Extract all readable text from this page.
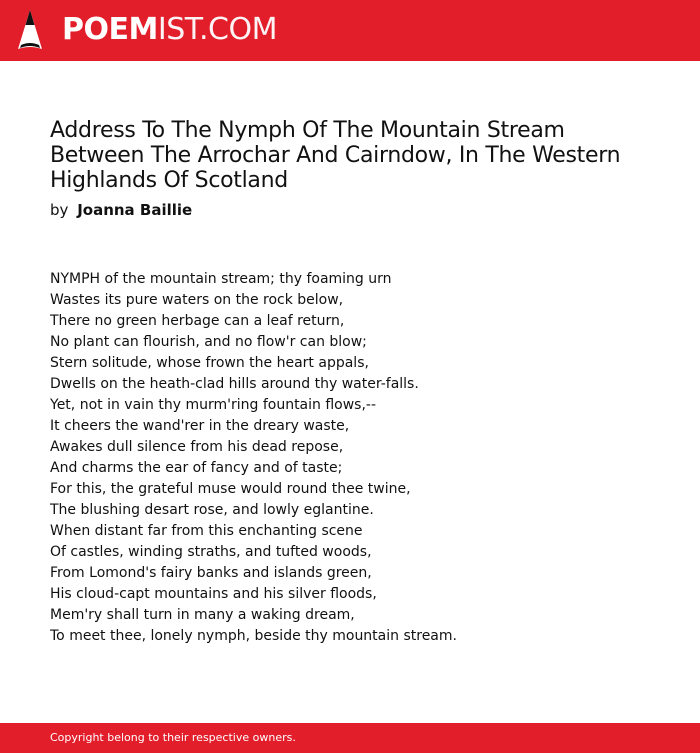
POEMIST.COM
Address To The Nymph Of The Mountain Stream Between The Arrochar And Cairndow, In The Western Highlands Of Scotland
by Joanna Baillie
NYMPH of the mountain stream; thy foaming urn
Wastes its pure waters on the rock below,
There no green herbage can a leaf return,
No plant can flourish, and no flow'r can blow;
Stern solitude, whose frown the heart appals,
Dwells on the heath-clad hills around thy water-falls.
Yet, not in vain thy murm'ring fountain flows,--
It cheers the wand'rer in the dreary waste,
Awakes dull silence from his dead repose,
And charms the ear of fancy and of taste;
For this, the grateful muse would round thee twine,
The blushing desart rose, and lowly eglantine.
When distant far from this enchanting scene
Of castles, winding straths, and tufted woods,
From Lomond's fairy banks and islands green,
His cloud-capt mountains and his silver floods,
Mem'ry shall turn in many a waking dream,
To meet thee, lonely nymph, beside thy mountain stream.
Copyright belong to their respective owners.
